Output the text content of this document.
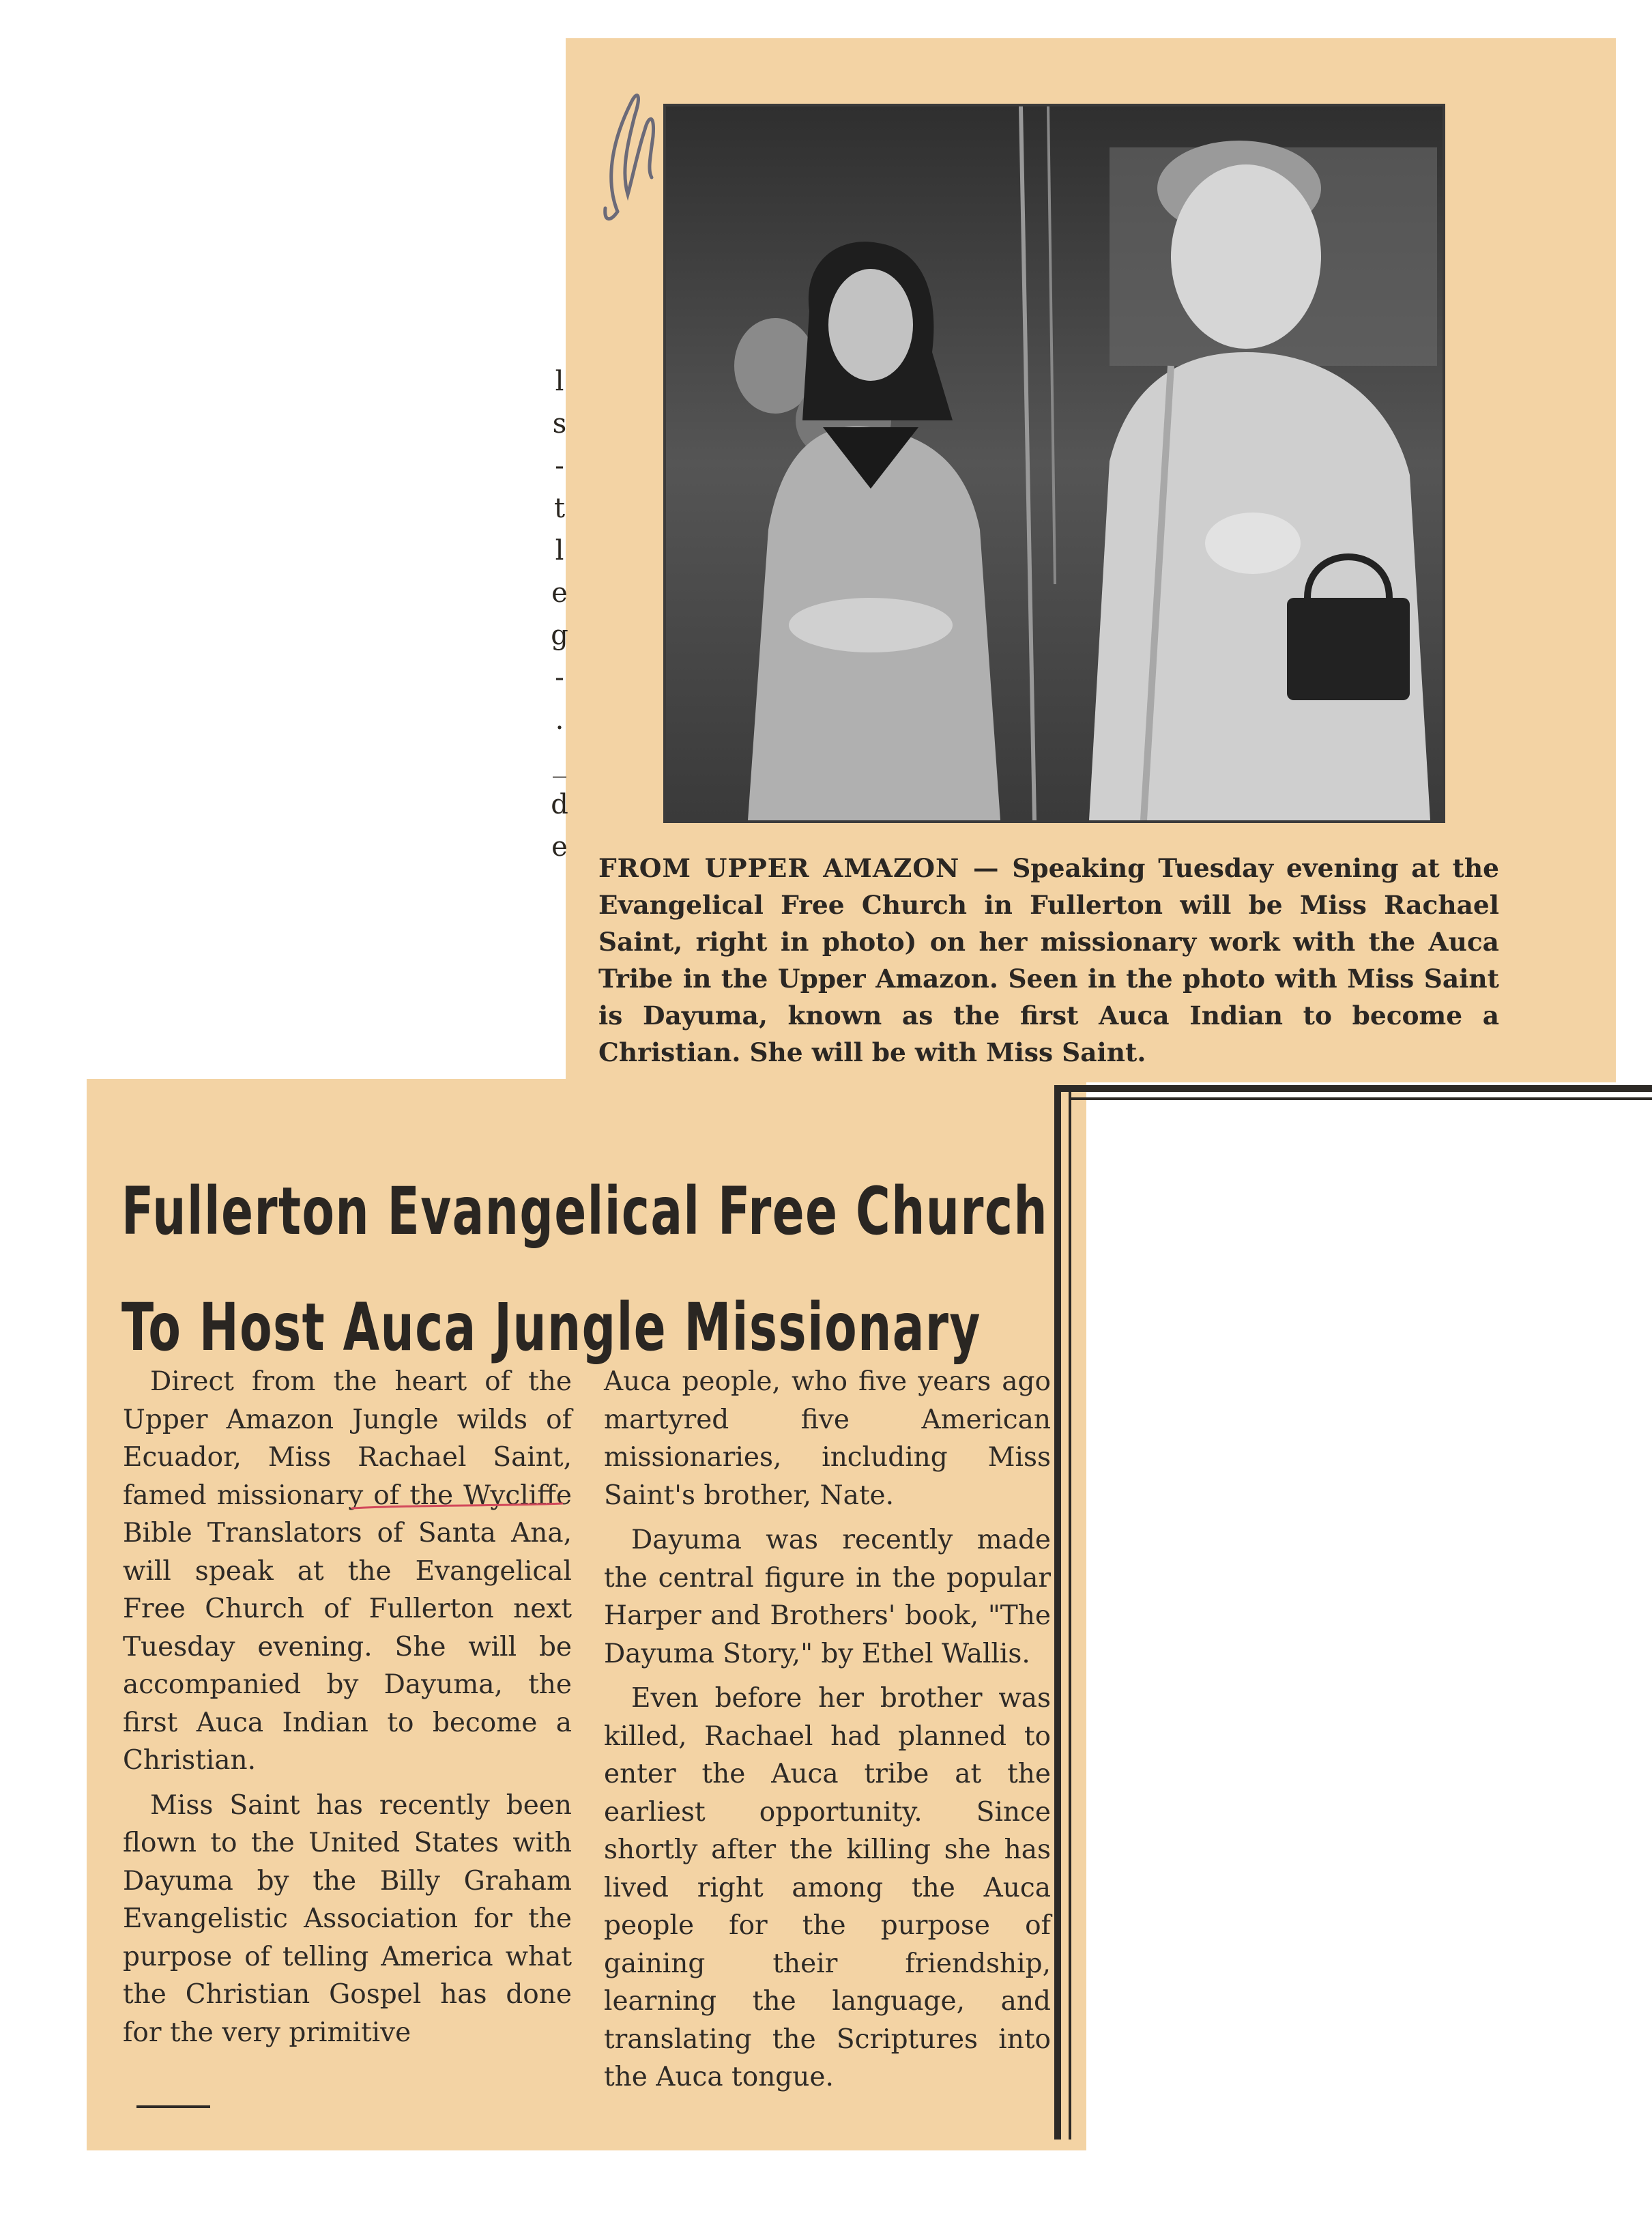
l
s
-
t
l
e
g
-
.
_
d
e
FROM UPPER AMAZON — Speaking Tuesday evening at the Evangelical Free Church in Fullerton will be Miss Rachael Saint, right in photo) on her missionary work with the Auca Tribe in the Upper Amazon. Seen in the photo with Miss Saint is Dayuma, known as the first Auca Indian to become a Christian. She will be with Miss Saint.
Fullerton Evangelical Free Church
To Host Auca Jungle Missionary

Direct from the heart of the Upper Amazon Jungle wilds of Ecuador, Miss Rachael Saint, famed missionary of the Wycliffe Bible Translators of Santa Ana, will speak at the Evangelical Free Church of Fullerton next Tuesday evening. She will be accompanied by Dayuma, the first Auca Indian to become a Christian.

Miss Saint has recently been flown to the United States with Dayuma by the Billy Graham Evangelistic Association for the purpose of telling America what the Christian Gospel has done for the very primitive

Auca people, who five years ago martyred five American missionaries, including Miss Saint's brother, Nate.

Dayuma was recently made the central figure in the popular Harper and Brothers' book, "The Dayuma Story," by Ethel Wallis.

Even before her brother was killed, Rachael had planned to enter the Auca tribe at the earliest opportunity. Since shortly after the killing she has lived right among the Auca people for the purpose of gaining their friendship, learning the language, and translating the Scriptures into the Auca tongue.
